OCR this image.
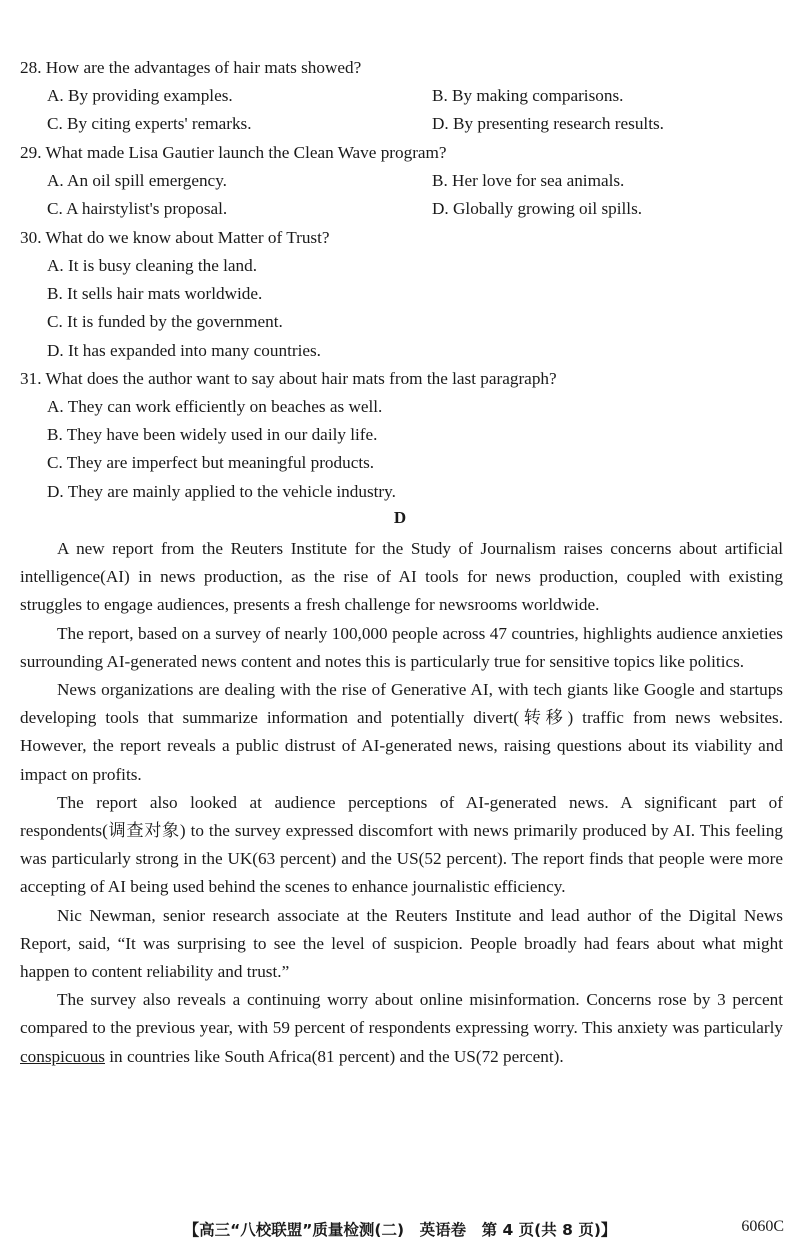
28. How are the advantages of hair mats showed?
A. By providing examples.	B. By making comparisons.
C. By citing experts' remarks.	D. By presenting research results.
29. What made Lisa Gautier launch the Clean Wave program?
A. An oil spill emergency.	B. Her love for sea animals.
C. A hairstylist's proposal.	D. Globally growing oil spills.
30. What do we know about Matter of Trust?
A. It is busy cleaning the land.
B. It sells hair mats worldwide.
C. It is funded by the government.
D. It has expanded into many countries.
31. What does the author want to say about hair mats from the last paragraph?
A. They can work efficiently on beaches as well.
B. They have been widely used in our daily life.
C. They are imperfect but meaningful products.
D. They are mainly applied to the vehicle industry.
D

A new report from the Reuters Institute for the Study of Journalism raises concerns about artificial intelligence(AI) in news production, as the rise of AI tools for news production, coupled with existing struggles to engage audiences, presents a fresh challenge for newsrooms worldwide.

The report, based on a survey of nearly 100,000 people across 47 countries, highlights audience anxieties surrounding AI-generated news content and notes this is particularly true for sensitive topics like politics.

News organizations are dealing with the rise of Generative AI, with tech giants like Google and startups developing tools that summarize information and potentially divert(转移) traffic from news websites. However, the report reveals a public distrust of AI-generated news, raising questions about its viability and impact on profits.

The report also looked at audience perceptions of AI-generated news. A significant part of respondents(调查对象) to the survey expressed discomfort with news primarily produced by AI. This feeling was particularly strong in the UK(63 percent) and the US(52 percent). The report finds that people were more accepting of AI being used behind the scenes to enhance journalistic efficiency.

Nic Newman, senior research associate at the Reuters Institute and lead author of the Digital News Report, said, “It was surprising to see the level of suspicion. People broadly had fears about what might happen to content reliability and trust.”

The survey also reveals a continuing worry about online misinformation. Concerns rose by 3 percent compared to the previous year, with 59 percent of respondents expressing worry. This anxiety was particularly conspicuous in countries like South Africa(81 percent) and the US(72 percent).

【高三“八校联盟”质量检测(二)　英语卷　第 4 页(共 8 页)】	6060C
